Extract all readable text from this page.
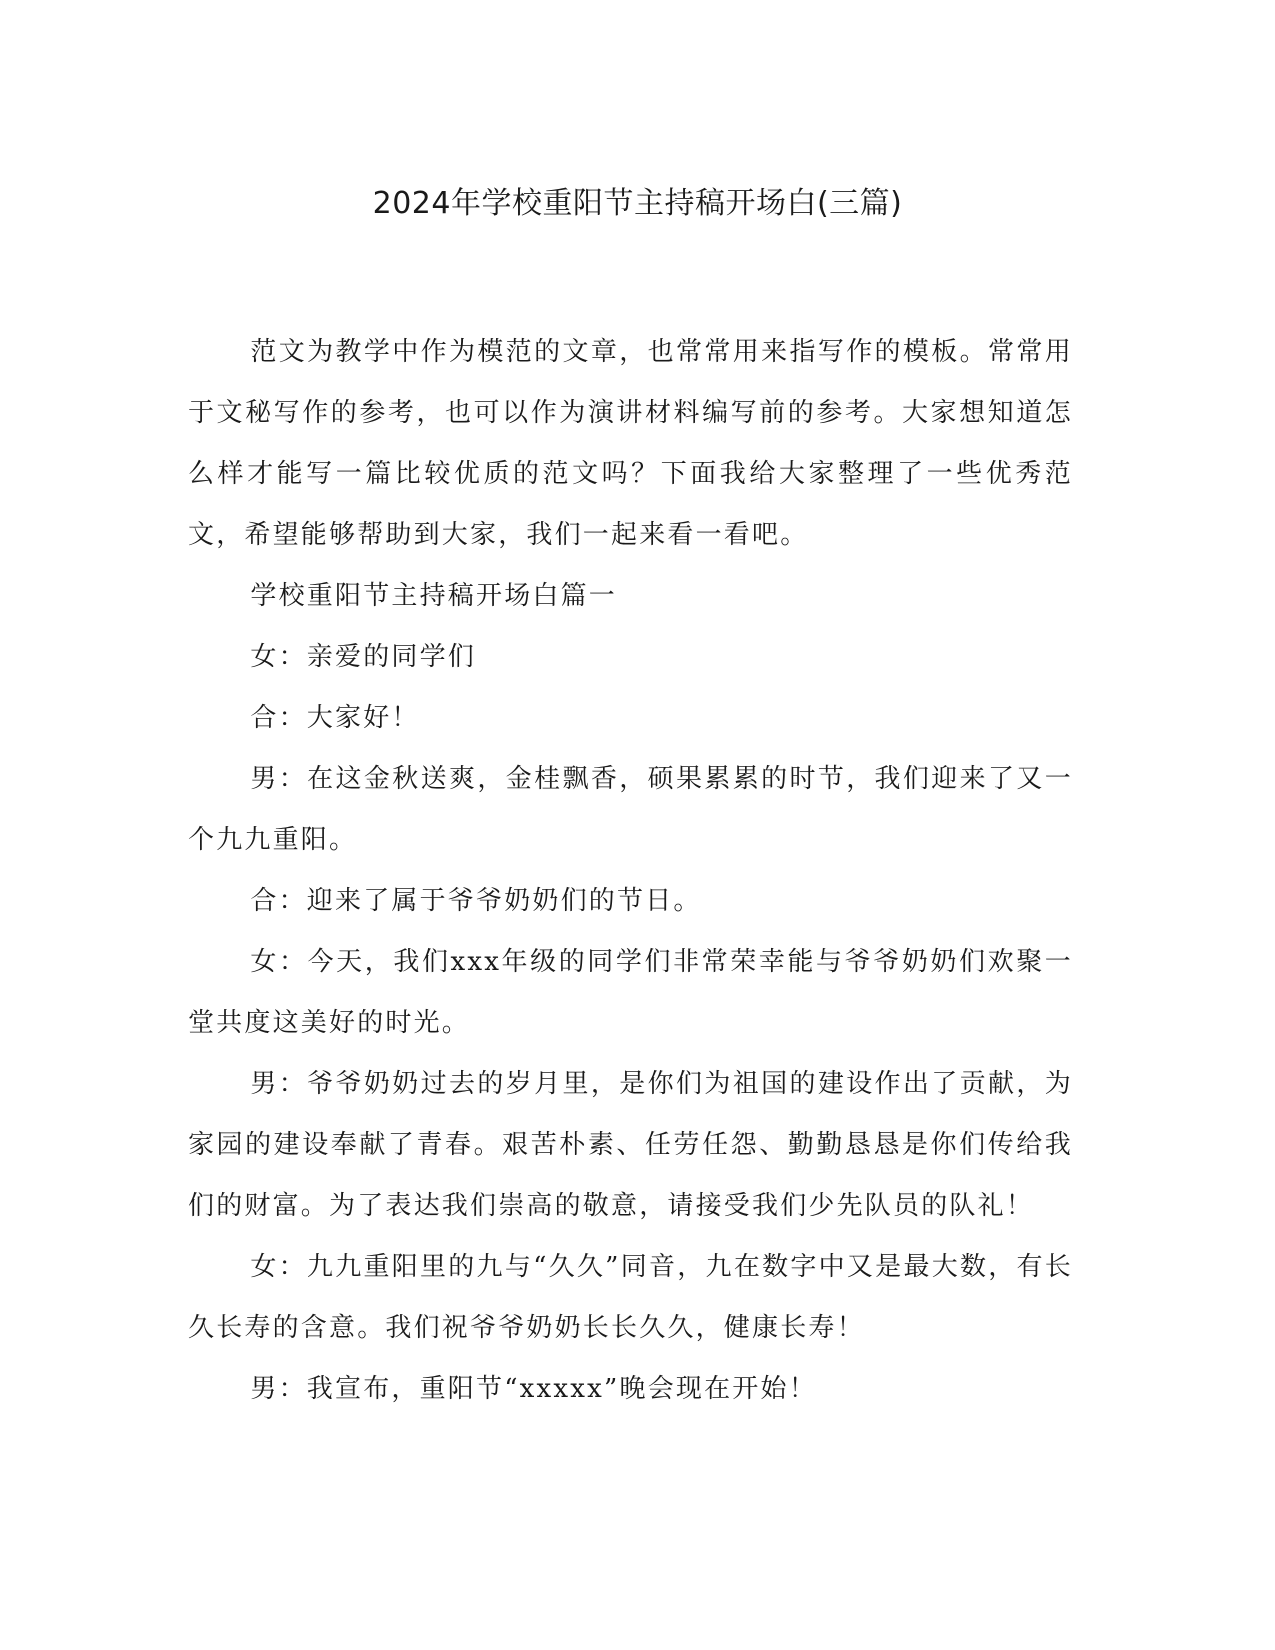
2024年学校重阳节主持稿开场白(三篇)

范文为教学中作为模范的文章，也常常用来指写作的模板。常常用于文秘写作的参考，也可以作为演讲材料编写前的参考。大家想知道怎么样才能写一篇比较优质的范文吗？下面我给大家整理了一些优秀范文，希望能够帮助到大家，我们一起来看一看吧。

学校重阳节主持稿开场白篇一

女：亲爱的同学们

合：大家好！

男：在这金秋送爽，金桂飘香，硕果累累的时节，我们迎来了又一个九九重阳。

合：迎来了属于爷爷奶奶们的节日。

女：今天，我们xxx年级的同学们非常荣幸能与爷爷奶奶们欢聚一堂共度这美好的时光。

男：爷爷奶奶过去的岁月里，是你们为祖国的建设作出了贡献，为家园的建设奉献了青春。艰苦朴素、任劳任怨、勤勤恳恳是你们传给我们的财富。为了表达我们崇高的敬意，请接受我们少先队员的队礼！

女：九九重阳里的九与“久久”同音，九在数字中又是最大数，有长久长寿的含意。我们祝爷爷奶奶长长久久，健康长寿！

男：我宣布，重阳节“xxxxx”晚会现在开始！
